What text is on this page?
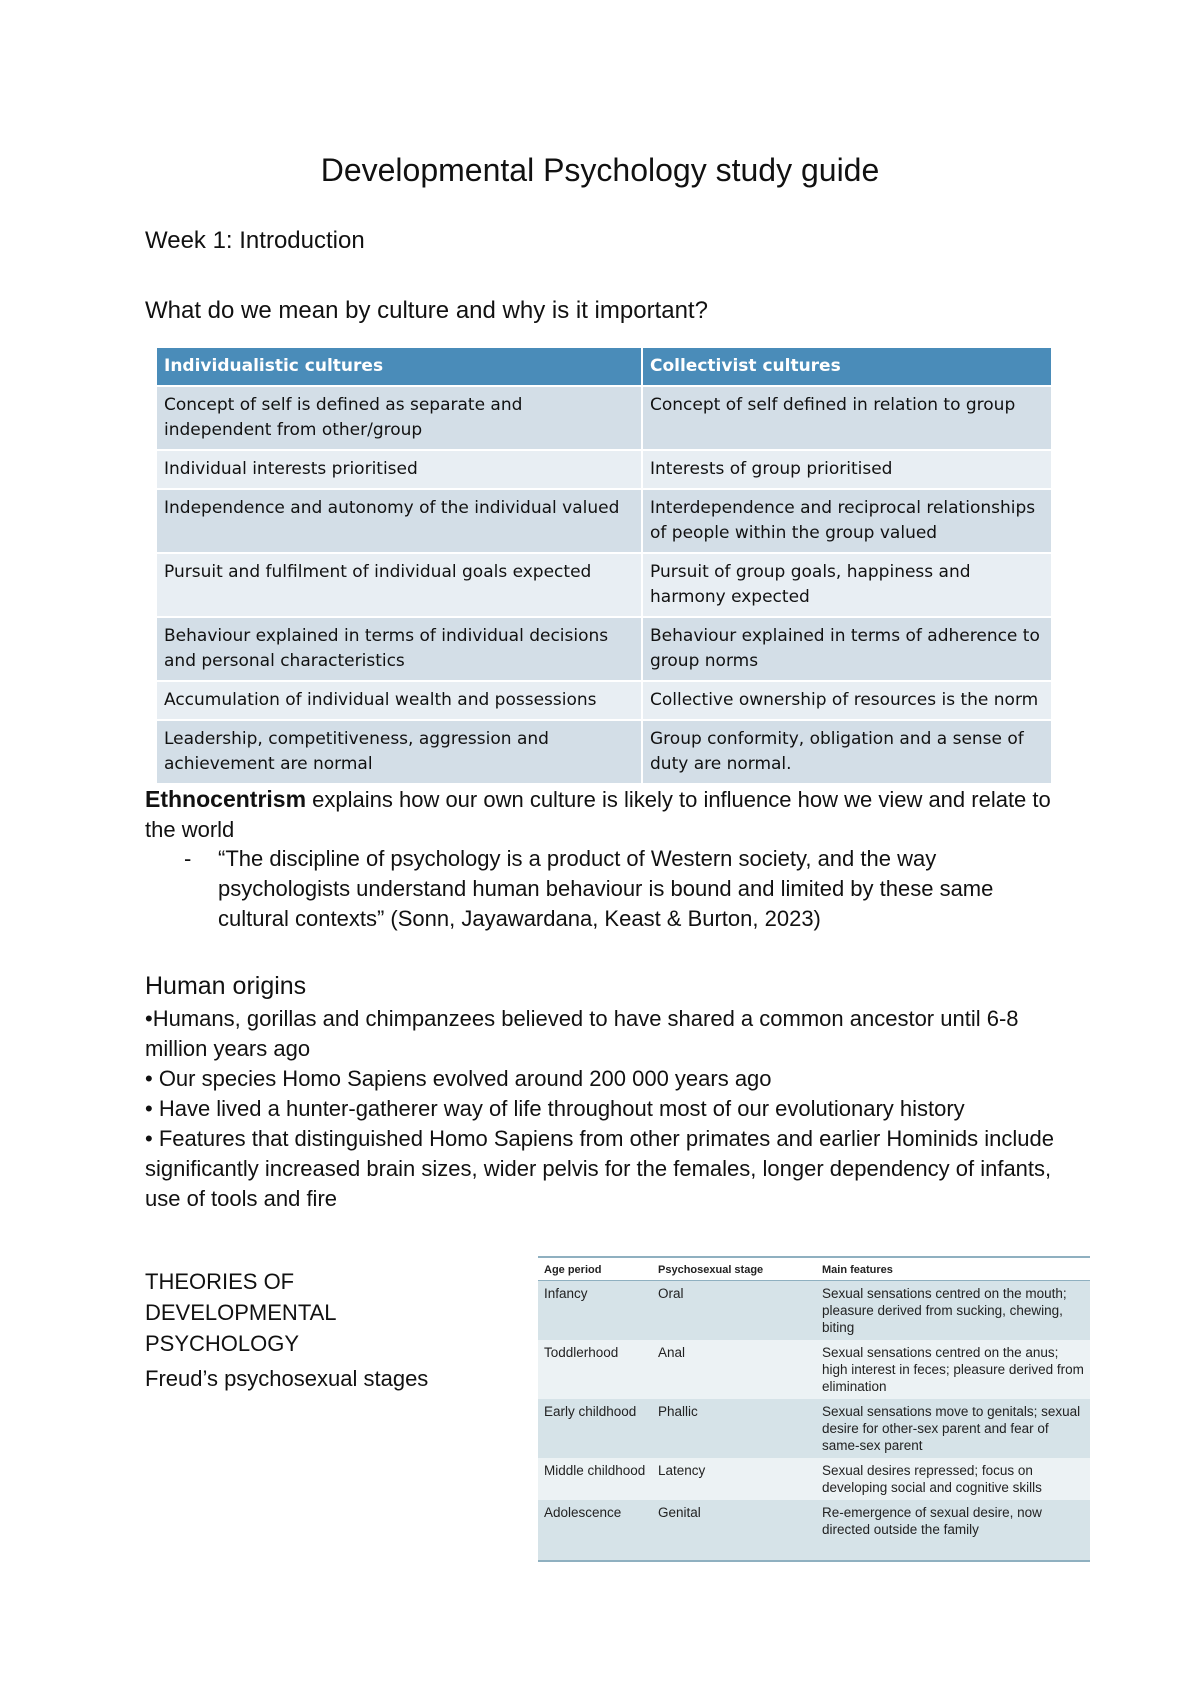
Developmental Psychology study guide
Week 1: Introduction
What do we mean by culture and why is it important?
Individualistic cultures	Collectivist cultures
Concept of self is defined as separate and independent from other/group	Concept of self defined in relation to group
Individual interests prioritised	Interests of group prioritised
Independence and autonomy of the individual valued	Interdependence and reciprocal relationships of people within the group valued
Pursuit and fulfilment of individual goals expected	Pursuit of group goals, happiness and harmony expected
Behaviour explained in terms of individual decisions and personal characteristics	Behaviour explained in terms of adherence to group norms
Accumulation of individual wealth and possessions	Collective ownership of resources is the norm
Leadership, competitiveness, aggression and achievement are normal	Group conformity, obligation and a sense of duty are normal.
Ethnocentrism explains how our own culture is likely to influence how we view and relate to the world
- “The discipline of psychology is a product of Western society, and the way psychologists understand human behaviour is bound and limited by these same cultural contexts” (Sonn, Jayawardana, Keast & Burton, 2023)
Human origins

•Humans, gorillas and chimpanzees believed to have shared a common ancestor until 6-8 million years ago

• Our species Homo Sapiens evolved around 200 000 years ago

• Have lived a hunter-gatherer way of life throughout most of our evolutionary history

• Features that distinguished Homo Sapiens from other primates and earlier Hominids include significantly increased brain sizes, wider pelvis for the females, longer dependency of infants, use of tools and fire

THEORIES OF DEVELOPMENTAL PSYCHOLOGY
Freud’s psychosexual stages
Age period	Psychosexual stage	Main features
Infancy	Oral	Sexual sensations centred on the mouth; pleasure derived from sucking, chewing, biting
Toddlerhood	Anal	Sexual sensations centred on the anus; high interest in feces; pleasure derived from elimination
Early childhood	Phallic	Sexual sensations move to genitals; sexual desire for other-sex parent and fear of same-sex parent
Middle childhood	Latency	Sexual desires repressed; focus on developing social and cognitive skills
Adolescence	Genital	Re-emergence of sexual desire, now directed outside the family
